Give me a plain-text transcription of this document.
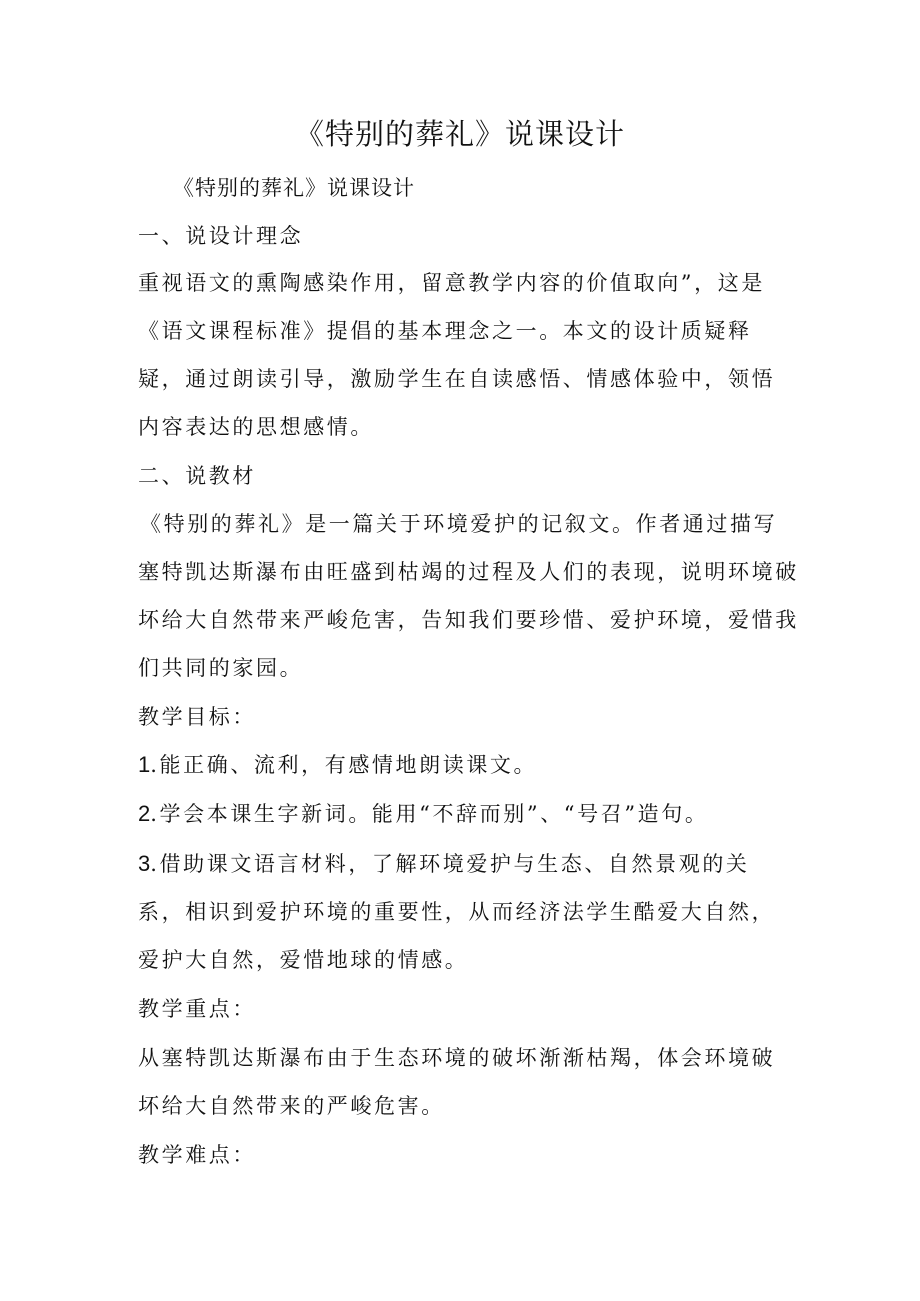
《特别的葬礼》说课设计
《特别的葬礼》说课设计
一、说设计理念
重视语文的熏陶感染作用，留意教学内容的价值取向”，这是
《语文课程标准》提倡的基本理念之一。本文的设计质疑释
疑，通过朗读引导，激励学生在自读感悟、情感体验中，领悟
内容表达的思想感情。
二、说教材
《特别的葬礼》是一篇关于环境爱护的记叙文。作者通过描写
塞特凯达斯瀑布由旺盛到枯竭的过程及人们的表现，说明环境破
坏给大自然带来严峻危害，告知我们要珍惜、爱护环境，爱惜我
们共同的家园。
教学目标：
1.能正确、流利，有感情地朗读课文。
2.学会本课生字新词。能用“不辞而别”、“号召”造句。
3.借助课文语言材料，了解环境爱护与生态、自然景观的关
系，相识到爱护环境的重要性，从而经济法学生酷爱大自然，
爱护大自然，爱惜地球的情感。
教学重点：
从塞特凯达斯瀑布由于生态环境的破坏渐渐枯羯，体会环境破
坏给大自然带来的严峻危害。
教学难点：
